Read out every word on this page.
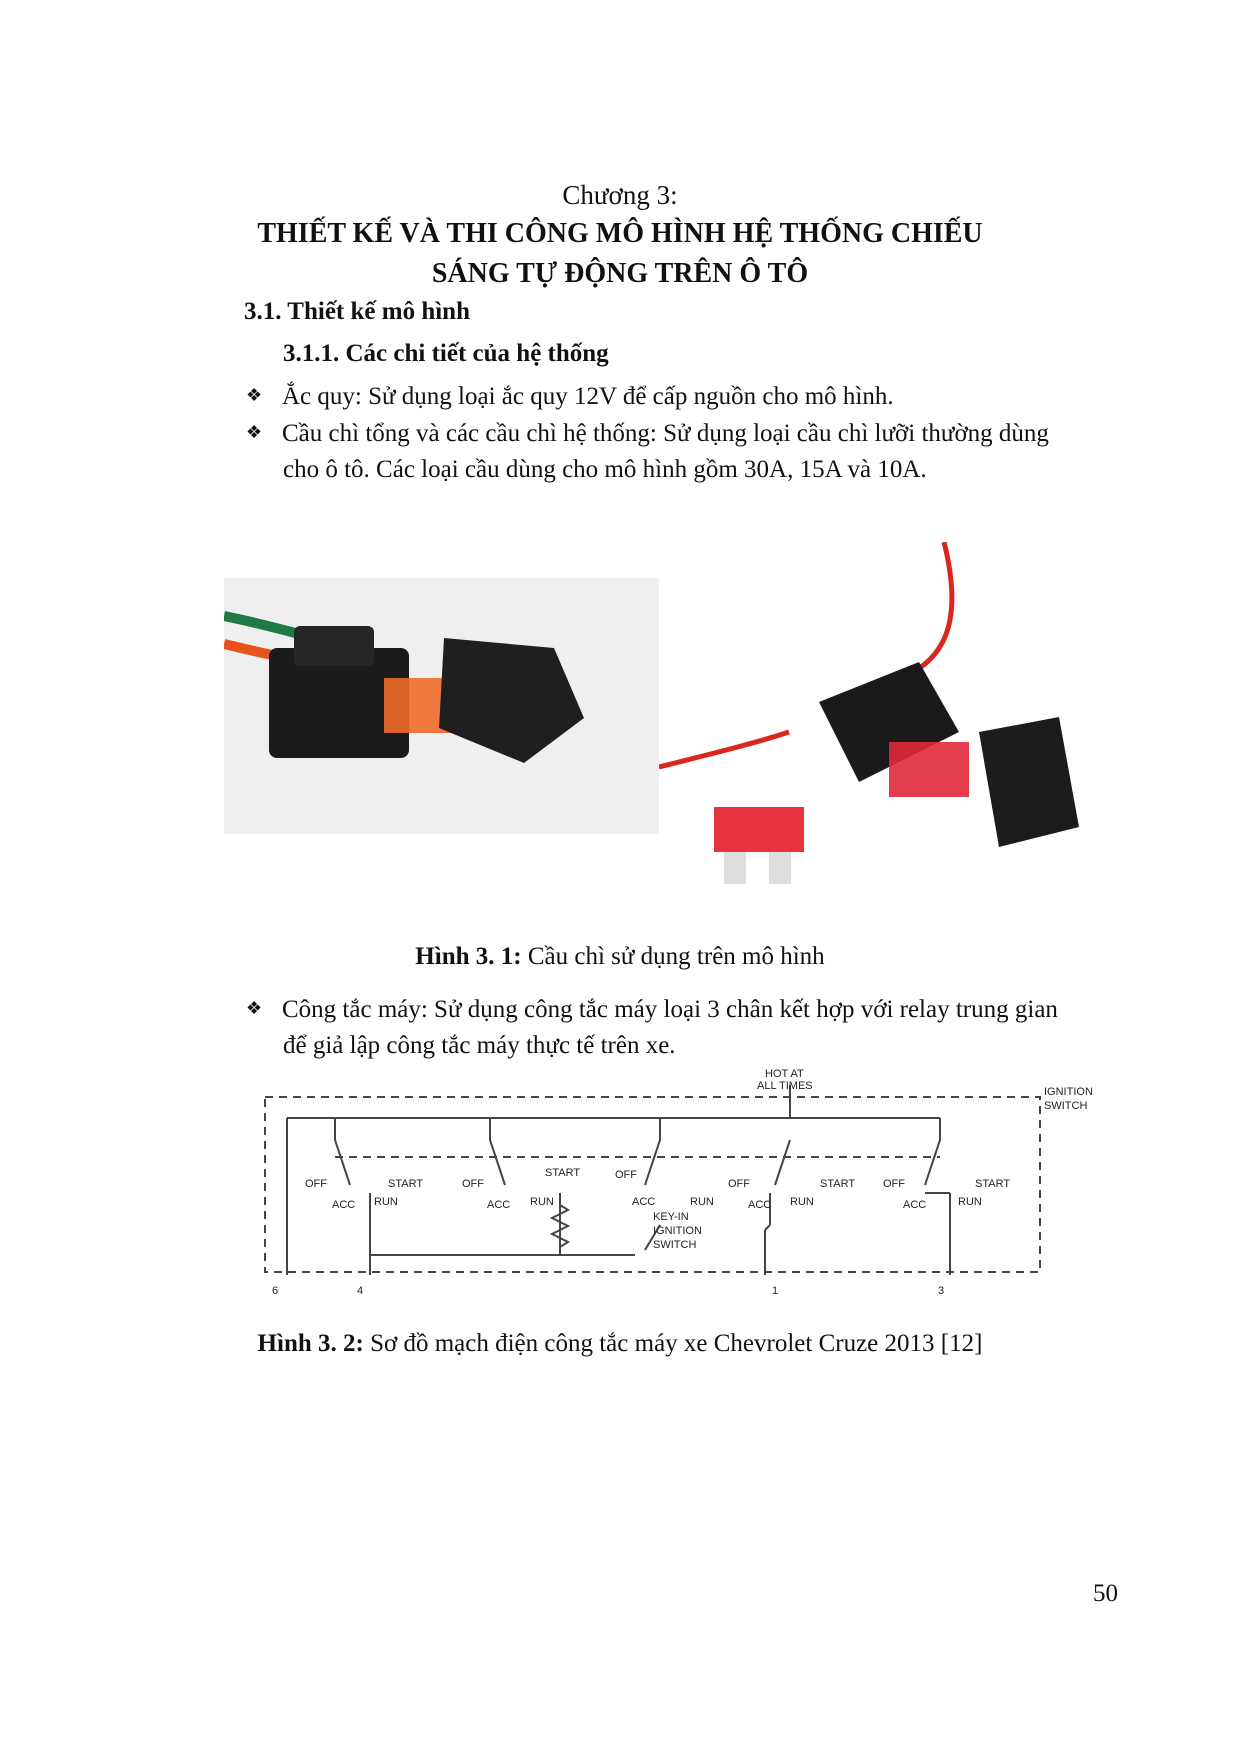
Chương 3:
THIẾT KẾ VÀ THI CÔNG MÔ HÌNH HỆ THỐNG CHIẾU
SÁNG TỰ ĐỘNG TRÊN Ô TÔ
3.1. Thiết kế mô hình
3.1.1. Các chi tiết của hệ thống
❖ Ắc quy: Sử dụng loại ắc quy 12V để cấp nguồn cho mô hình.
❖ Cầu chì tổng và các cầu chì hệ thống: Sử dụng loại cầu chì lưỡi thường dùng
cho ô tô. Các loại cầu dùng cho mô hình gồm 30A, 15A và 10A.
Hình 3. 1: Cầu chì sử dụng trên mô hình
❖ Công tắc máy: Sử dụng công tắc máy loại 3 chân kết hợp với relay trung gian
để giả lập công tắc máy thực tế trên xe.
HOT AT
ALL TIMES	IGNITION
SWITCH
OFF
ACC RUN
START	OFF
ACC RUN
START	OFF
ACC	RUN
KEY-IN
IGNITION
SWITCH
OFF
ACC RUN
START	OFF
ACC	RUN
START
6	4	1	3
Hình 3. 2: Sơ đồ mạch điện công tắc máy xe Chevrolet Cruze 2013 [12]
50
